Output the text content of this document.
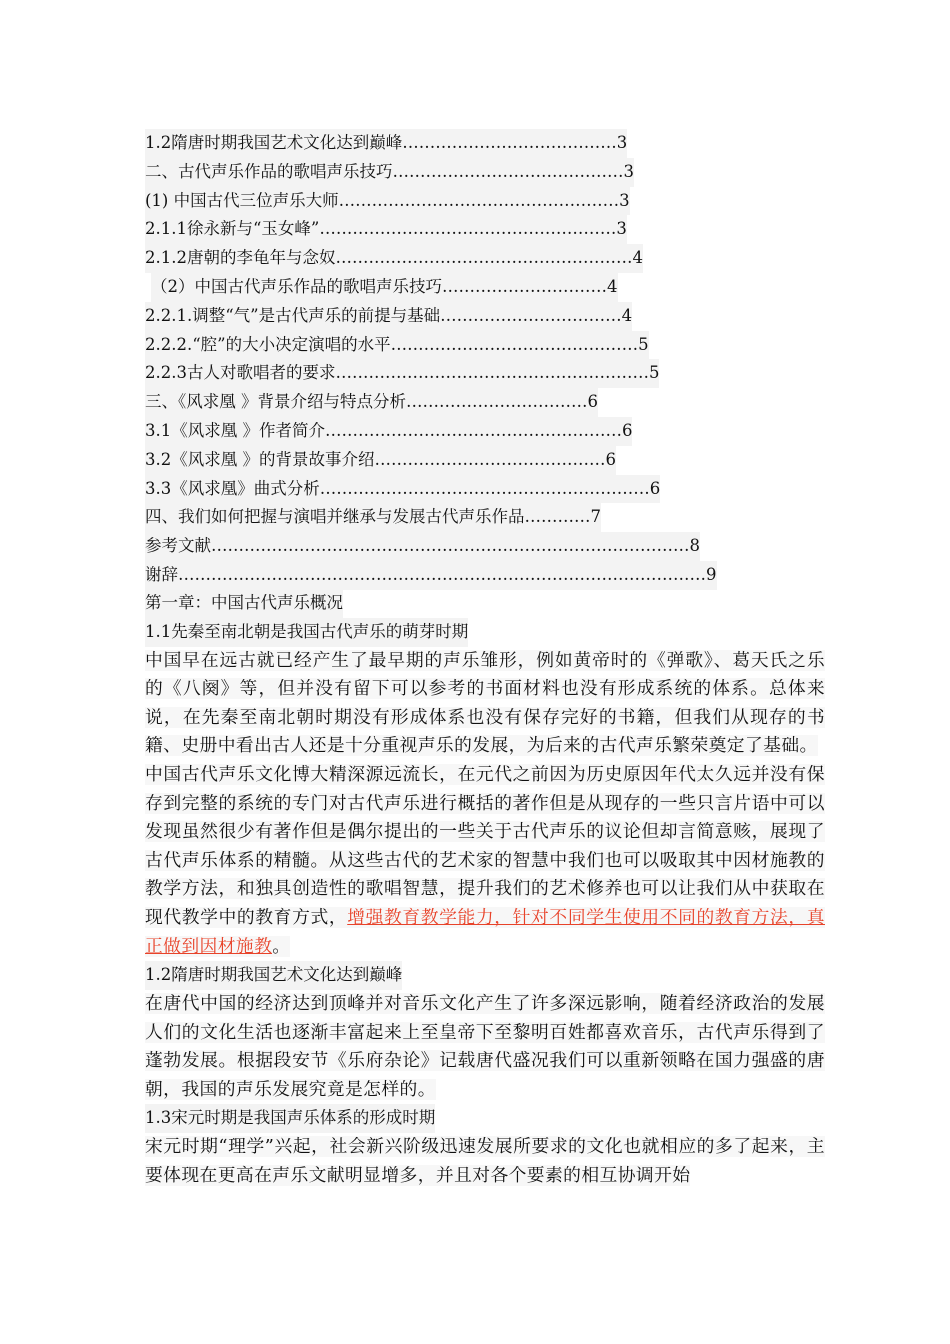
1.2隋唐时期我国艺术文化达到巅峰…………………………………3
二、古代声乐作品的歌唱声乐技巧……………………………………3
(1) 中国古代三位声乐大师……………………………………………3
2.1.1徐永新与“玉女峰”………………………………………………3
2.1.2唐朝的李龟年与念奴………………………………………………4
（2）中国古代声乐作品的歌唱声乐技巧…………………………4
2.2.1.调整“气”是古代声乐的前提与基础……………………………4
2.2.2.“腔”的大小决定演唱的水平………………………………………5
2.2.3古人对歌唱者的要求…………………………………………………5
三、《风求凰 》背景介绍与特点分析……………………………6
3.1《风求凰 》作者简介………………………………………………6
3.2《风求凰 》的背景故事介绍……………………………………6
3.3《风求凰》曲式分析……………………………………………………6
四、我们如何把握与演唱并继承与发展古代声乐作品…………7
参考文献……………………………………………………………………………8
谢辞……………………………………………………………………………………9
第一章：中国古代声乐概况
1.1先秦至南北朝是我国古代声乐的萌芽时期

中国早在远古就已经产生了最早期的声乐雏形，例如黄帝时的《弹歌》、葛天氏之乐的《八阕》等，但并没有留下可以参考的书面材料也没有形成系统的体系。总体来说，在先秦至南北朝时期没有形成体系也没有保存完好的书籍，但我们从现存的书籍、史册中看出古人还是十分重视声乐的发展，为后来的古代声乐繁荣奠定了基础。

中国古代声乐文化博大精深源远流长，在元代之前因为历史原因年代太久远并没有保存到完整的系统的专门对古代声乐进行概括的著作但是从现存的一些只言片语中可以发现虽然很少有著作但是偶尔提出的一些关于古代声乐的议论但却言简意赅，展现了古代声乐体系的精髓。从这些古代的艺术家的智慧中我们也可以吸取其中因材施教的教学方法，和独具创造性的歌唱智慧，提升我们的艺术修养也可以让我们从中获取在现代教学中的教育方式，增强教育教学能力，针对不同学生使用不同的教育方法，真正做到因材施教。

1.2隋唐时期我国艺术文化达到巅峰

在唐代中国的经济达到顶峰并对音乐文化产生了许多深远影响，随着经济政治的发展人们的文化生活也逐渐丰富起来上至皇帝下至黎明百姓都喜欢音乐，古代声乐得到了蓬勃发展。根据段安节《乐府杂论》记载唐代盛况我们可以重新领略在国力强盛的唐朝，我国的声乐发展究竟是怎样的。

1.3宋元时期是我国声乐体系的形成时期

宋元时期“理学”兴起，社会新兴阶级迅速发展所要求的文化也就相应的多了起来，主要体现在更高在声乐文献明显增多，并且对各个要素的相互协调开始
